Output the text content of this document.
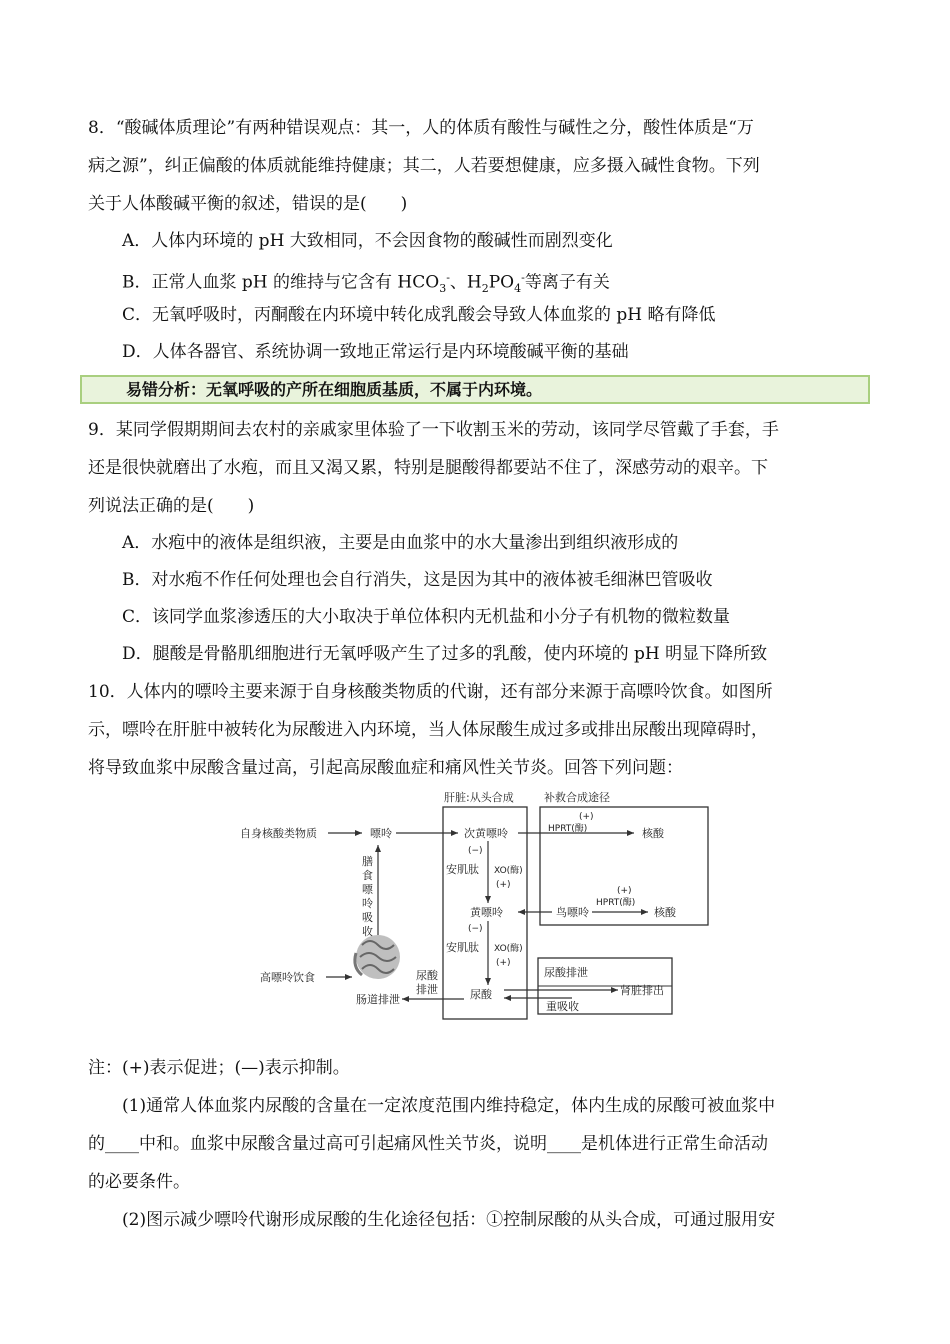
8．“酸碱体质理论”有两种错误观点：其一，人的体质有酸性与碱性之分，酸性体质是“万
病之源”，纠正偏酸的体质就能维持健康；其二，人若要想健康，应多摄入碱性食物。下列
关于人体酸碱平衡的叙述，错误的是(　　)
A．人体内环境的 pH 大致相同，不会因食物的酸碱性而剧烈变化
B．正常人血浆 pH 的维持与它含有 $HCO_3^-$、$H_2PO_4^-$等离子有关
C．无氧呼吸时，丙酮酸在内环境中转化成乳酸会导致人体血浆的 pH 略有降低
D．人体各器官、系统协调一致地正常运行是内环境酸碱平衡的基础
易错分析：无氧呼吸的产所在细胞质基质，不属于内环境。
9．某同学假期期间去农村的亲戚家里体验了一下收割玉米的劳动，该同学尽管戴了手套，手
还是很快就磨出了水疱，而且又渴又累，特别是腿酸得都要站不住了，深感劳动的艰辛。下
列说法正确的是(　　)
A．水疱中的液体是组织液，主要是由血浆中的水大量渗出到组织液形成的
B．对水疱不作任何处理也会自行消失，这是因为其中的液体被毛细淋巴管吸收
C．该同学血浆渗透压的大小取决于单位体积内无机盐和小分子有机物的微粒数量
D．腿酸是骨骼肌细胞进行无氧呼吸产生了过多的乳酸，使内环境的 pH 明显下降所致
10．人体内的嘌呤主要来源于自身核酸类物质的代谢，还有部分来源于高嘌呤饮食。如图所
示，嘌呤在肝脏中被转化为尿酸进入内环境，当人体尿酸生成过多或排出尿酸出现障碍时，
将导致血浆中尿酸含量过高，引起高尿酸血症和痛风性关节炎。回答下列问题：
肝脏:从头合成	补救合成途径
自身核酸类物质	嘌呤	次黄嘌呤
(+)
HPRT(酶)	核酸
膳
食
嘌
呤
吸
收
(−)
安肌肽 XO(酶)
(+)
黄嘌呤	鸟嘌呤
(+)
HPRT(酶)
核酸
(−)
安肌肽 XO(酶)
(+)
尿酸
高嘌呤饮食	尿酸
排泄
肠道排泄
尿酸排泄
肾脏排出
重吸收
注：(+)表示促进；(—)表示抑制。
(1)通常人体血浆内尿酸的含量在一定浓度范围内维持稳定，体内生成的尿酸可被血浆中
的____中和。血浆中尿酸含量过高可引起痛风性关节炎，说明____是机体进行正常生命活动
的必要条件。
(2)图示减少嘌呤代谢形成尿酸的生化途径包括：①控制尿酸的从头合成，可通过服用安
